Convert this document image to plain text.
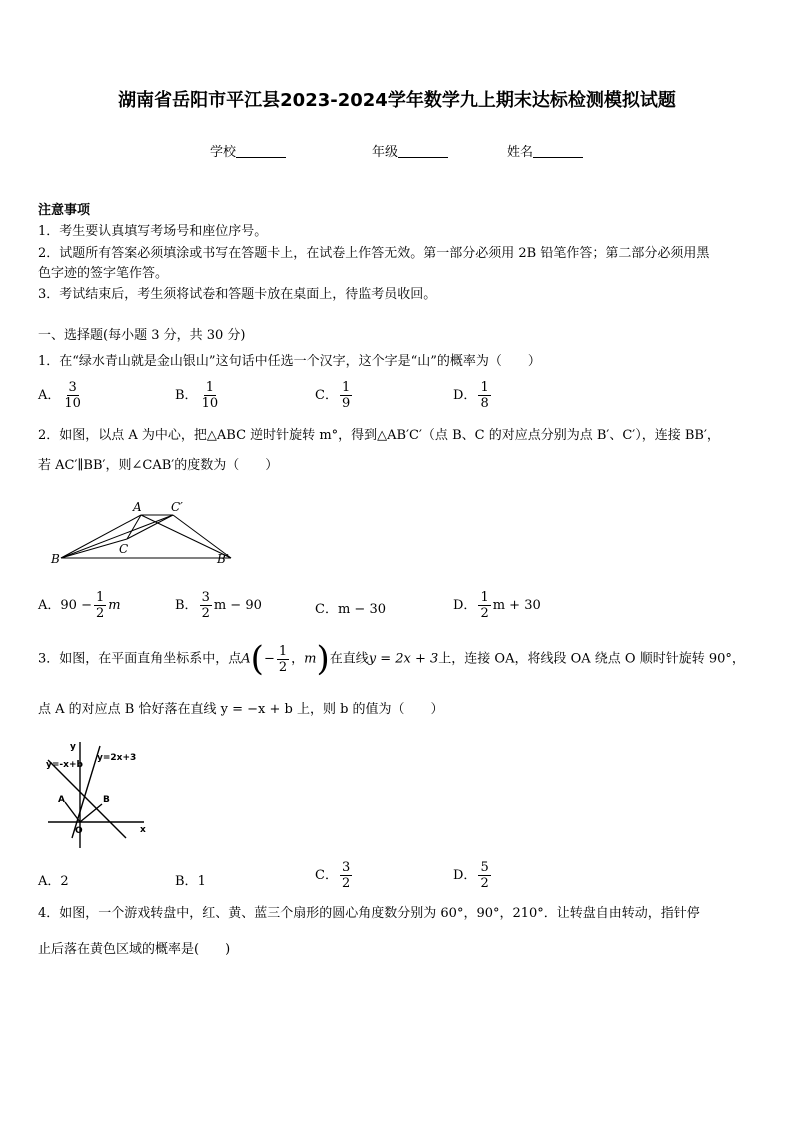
湖南省岳阳市平江县2023-2024学年数学九上期末达标检测模拟试题
学校	年级	姓名
注意事项
1．考生要认真填写考场号和座位序号。
2．试题所有答案必须填涂或书写在答题卡上，在试卷上作答无效。第一部分必须用 2B 铅笔作答；第二部分必须用黑
色字迹的签字笔作答。
3．考试结束后，考生须将试卷和答题卡放在桌面上，待监考员收回。
一、选择题(每小题 3 分，共 30 分)
1．在“绿水青山就是金山银山”这句话中任选一个汉字，这个字是“山”的概率为（　　）
A． $\frac{3}{10}$	B． $\frac{1}{10}$	C． $\frac{1}{9}$	D． $\frac{1}{8}$
2．如图，以点 A 为中心，把△ABC 逆时针旋转 m°，得到△AB′C′（点 B、C 的对应点分别为点 B′、C′），连接 BB′，
若 AC′∥BB′，则∠CAB′的度数为（　　）
A C′
C
B	B′
A．$90 - \frac{1}{2}$ m	B． $\frac{3}{2}$ m − 90	C．m − 30	D． $\frac{1}{2}$ m + 30
3．如图，在平面直角坐标系中，点$A(- \frac{1}{2}$ ，m)在直线y = 2x + 3上，连接 OA，将线段 OA 绕点 O 顺时针旋转 90°，
点 A 的对应点 B 恰好落在直线 y = −x + b 上，则 b 的值为（　　）
y
y=2x+3
y=-x+b
A	B
O	x
A．2	B．1	C． $\frac{3}{2}$	D． $\frac{5}{2}$
4．如图，一个游戏转盘中，红、黄、蓝三个扇形的圆心角度数分别为 60°，90°，210°．让转盘自由转动，指针停
止后落在黄色区域的概率是(　　)
